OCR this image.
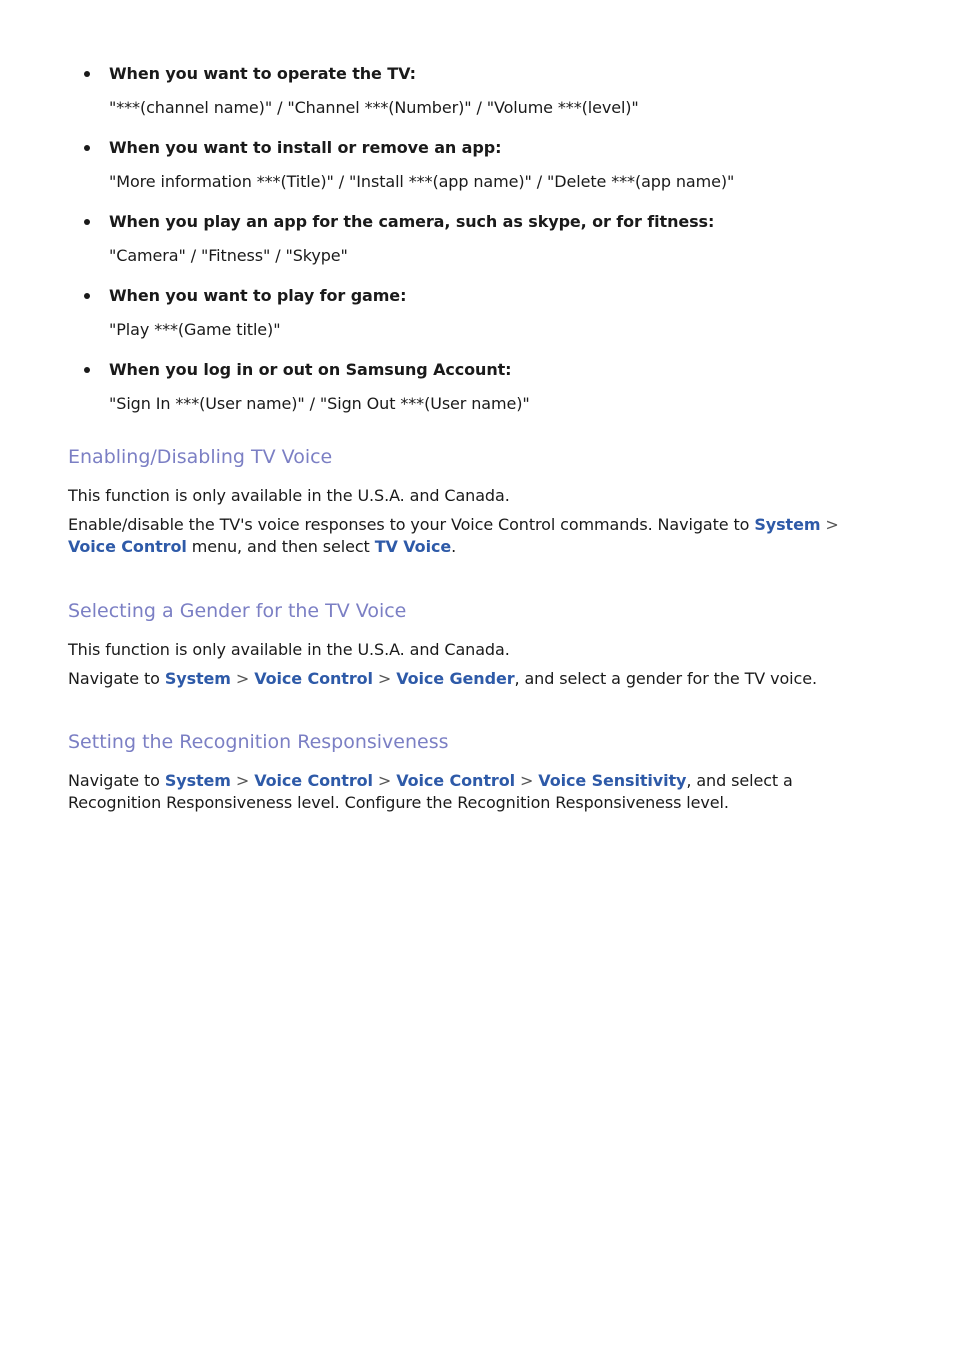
When you want to operate the TV:
"***(channel name)" / "Channel ***(Number)" / "Volume ***(level)"
When you want to install or remove an app:
"More information ***(Title)" / "Install ***(app name)" / "Delete ***(app name)"
When you play an app for the camera, such as skype, or for fitness:
"Camera" / "Fitness" / "Skype"
When you want to play for game:
"Play ***(Game title)"
When you log in or out on Samsung Account:
"Sign In ***(User name)" / "Sign Out ***(User name)"
Enabling/Disabling TV Voice

This function is only available in the U.S.A. and Canada.

Enable/disable the TV's voice responses to your Voice Control commands. Navigate to System > Voice Control menu, and then select TV Voice.

Selecting a Gender for the TV Voice

This function is only available in the U.S.A. and Canada.

Navigate to System > Voice Control > Voice Gender, and select a gender for the TV voice.

Setting the Recognition Responsiveness

Navigate to System > Voice Control > Voice Control > Voice Sensitivity, and select a Recognition Responsiveness level. Configure the Recognition Responsiveness level.
